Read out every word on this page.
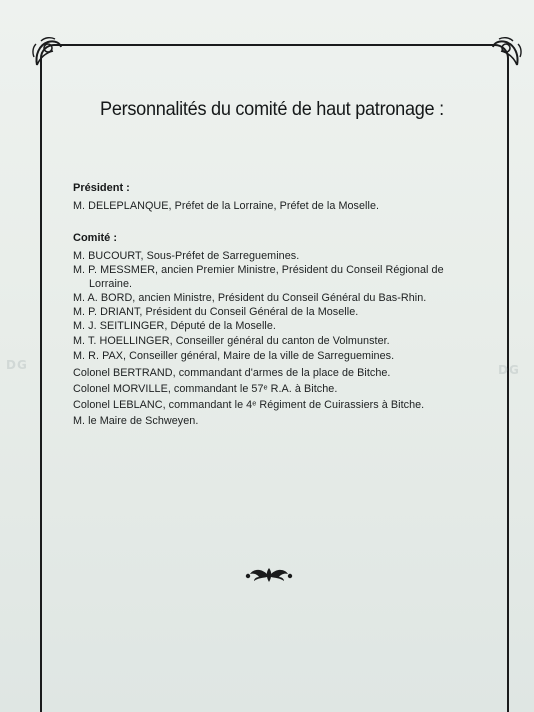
Personnalités du comité de haut patronage :
Président :
M. DELEPLANQUE, Préfet de la Lorraine, Préfet de la Moselle.
Comité :
M. BUCOURT, Sous-Préfet de Sarreguemines.
M. P. MESSMER, ancien Premier Ministre, Président du Conseil Régional de
Lorraine.
M. A. BORD, ancien Ministre, Président du Conseil Général du Bas-Rhin.
M. P. DRIANT, Président du Conseil Général de la Moselle.
M. J. SEITLINGER, Député de la Moselle.
M. T. HOELLINGER, Conseiller général du canton de Volmunster.
M. R. PAX, Conseiller général, Maire de la ville de Sarreguemines.
Colonel BERTRAND, commandant d'armes de la place de Bitche.
Colonel MORVILLE, commandant le 57ᵉ R.A. à Bitche.
Colonel LEBLANC, commandant le 4ᵉ Régiment de Cuirassiers à Bitche.
M. le Maire de Schweyen.
DG	DG
